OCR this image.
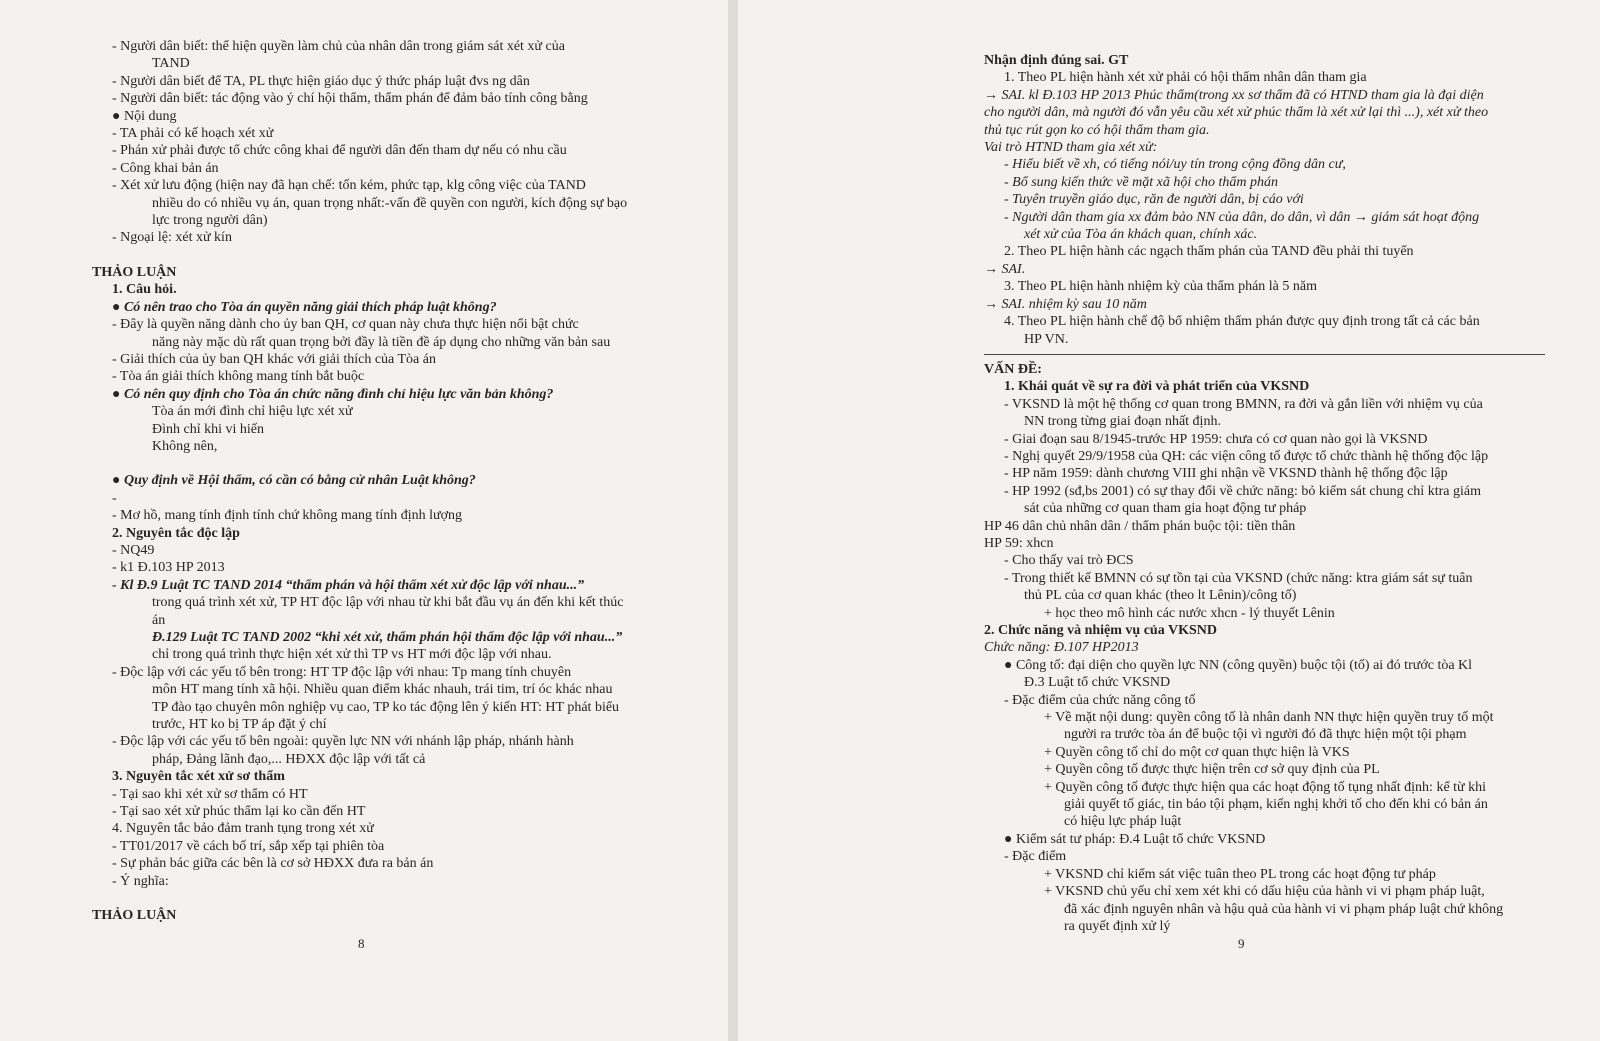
- Người dân biết: thể hiện quyền làm chủ của nhân dân trong giám sát xét xử của
TAND
- Người dân biết để TA, PL thực hiện giáo dục ý thức pháp luật đvs ng dân
- Người dân biết: tác động vào ý chí hội thẩm, thẩm phán để đảm bảo tính công bằng
● Nội dung
- TA phải có kế hoạch xét xử
- Phán xử phải được tổ chức công khai để người dân đến tham dự nếu có nhu cầu
- Công khai bản án
- Xét xử lưu động (hiện nay đã hạn chế: tốn kém, phức tạp, klg công việc của TAND
nhiều do có nhiều vụ án, quan trọng nhất:-vấn đề quyền con người, kích động sự bạo
lực trong người dân)
- Ngoại lệ: xét xử kín
THẢO LUẬN
1. Câu hỏi.
● Có nên trao cho Tòa án quyền năng giải thích pháp luật không?
- Đây là quyền năng dành cho ủy ban QH, cơ quan này chưa thực hiện nổi bật chức
năng này mặc dù rất quan trọng bởi đầy là tiền đề áp dụng cho những văn bản sau
- Giải thích của ủy ban QH khác với giải thích của Tòa án
- Tòa án giải thích không mang tính bắt buộc
● Có nên quy định cho Tòa án chức năng đình chỉ hiệu lực văn bản không?
Tòa án mới đình chỉ hiệu lực xét xử
Đình chỉ khi vi hiến
Không nên,
● Quy định về Hội thẩm, có cần có bằng cử nhân Luật không?
-
- Mơ hồ, mang tính định tính chứ không mang tính định lượng
2. Nguyên tắc độc lập
- NQ49
- k1 Đ.103 HP 2013
- Kl Đ.9 Luật TC TAND 2014 “thẩm phán và hội thẩm xét xử độc lập với nhau...”
trong quá trình xét xử, TP HT độc lập với nhau từ khi bắt đầu vụ án đến khi kết thúc
án
Đ.129 Luật TC TAND 2002 “khi xét xử, thẩm phán hội thẩm độc lập với nhau...”
chỉ trong quá trình thực hiện xét xử thì TP vs HT mới độc lập với nhau.
- Độc lập với các yếu tố bên trong: HT TP độc lập với nhau: Tp mang tính chuyên
môn HT mang tính xã hội. Nhiều quan điểm khác nhauh, trái tim, trí óc khác nhau
TP đào tạo chuyên môn nghiệp vụ cao, TP ko tác động lên ý kiến HT: HT phát biểu
trước, HT ko bị TP áp đặt ý chí
- Độc lập với các yếu tố bên ngoài: quyền lực NN với nhánh lập pháp, nhánh hành
pháp, Đảng lãnh đạo,... HĐXX độc lập với tất cả
3. Nguyên tắc xét xử sơ thẩm
- Tại sao khi xét xử sơ thẩm có HT
- Tại sao xét xử phúc thẩm lại ko cần đến HT
4. Nguyên tắc bảo đảm tranh tụng trong xét xử
- TT01/2017 về cách bố trí, sắp xếp tại phiên tòa
- Sự phản bác giữa các bên là cơ sở HĐXX đưa ra bản án
- Ý nghĩa:
THẢO LUẬN
Nhận định đúng sai. GT
1. Theo PL hiện hành xét xử phải có hội thẩm nhân dân tham gia
→ SAI. kl Đ.103 HP 2013 Phúc thẩm(trong xx sơ thẩm đã có HTND tham gia là đại diện
cho người dân, mà người đó vẫn yêu cầu xét xử phúc thẩm là xét xử lại thì ...), xét xử theo
thủ tục rút gọn ko có hội thẩm tham gia.
Vai trò HTND tham gia xét xử:
- Hiểu biết về xh, có tiếng nói/uy tín trong cộng đồng dân cư,
- Bổ sung kiến thức về mặt xã hội cho thẩm phán
- Tuyên truyền giáo dục, răn đe người dân, bị cáo với
- Người dân tham gia xx đảm bảo NN của dân, do dân, vì dân → giám sát hoạt động
xét xử của Tòa án khách quan, chính xác.
2. Theo PL hiện hành các ngạch thẩm phán của TAND đều phải thi tuyển
→ SAI.
3. Theo PL hiện hành nhiệm kỳ của thẩm phán là 5 năm
→ SAI. nhiệm kỳ sau 10 năm
4. Theo PL hiện hành chế độ bổ nhiệm thẩm phán được quy định trong tất cả các bản
HP VN.
VẤN ĐỀ:
1. Khái quát về sự ra đời và phát triển của VKSND
- VKSND là một hệ thống cơ quan trong BMNN, ra đời và gắn liền với nhiệm vụ của
NN trong từng giai đoạn nhất định.
- Giai đoạn sau 8/1945-trước HP 1959: chưa có cơ quan nào gọi là VKSND
- Nghị quyết 29/9/1958 của QH: các viện công tố được tổ chức thành hệ thống độc lập
- HP năm 1959: dành chương VIII ghi nhận về VKSND thành hệ thống độc lập
- HP 1992 (sđ,bs 2001) có sự thay đổi về chức năng: bỏ kiểm sát chung chỉ ktra giám
sát của những cơ quan tham gia hoạt động tư pháp
HP 46 dân chủ nhân dân / thẩm phán buộc tội: tiền thân
HP 59: xhcn
- Cho thấy vai trò ĐCS
- Trong thiết kế BMNN có sự tồn tại của VKSND (chức năng: ktra giám sát sự tuân
thủ PL của cơ quan khác (theo lt Lênin)/công tố)
+ học theo mô hình các nước xhcn - lý thuyết Lênin
2. Chức năng và nhiệm vụ của VKSND
Chức năng: Đ.107 HP2013
● Công tố: đại diện cho quyền lực NN (công quyền) buộc tội (tố) ai đó trước tòa Kl
Đ.3 Luật tổ chức VKSND
- Đặc điểm của chức năng công tố
+ Về mặt nội dung: quyền công tố là nhân danh NN thực hiện quyền truy tố một
người ra trước tòa án để buộc tội vì người đó đã thực hiện một tội phạm
+ Quyền công tố chỉ do một cơ quan thực hiện là VKS
+ Quyền công tố được thực hiện trên cơ sở quy định của PL
+ Quyền công tố được thực hiện qua các hoạt động tố tụng nhất định: kể từ khi
giải quyết tố giác, tin báo tội phạm, kiến nghị khởi tố cho đến khi có bản án
có hiệu lực pháp luật
● Kiểm sát tư pháp: Đ.4 Luật tổ chức VKSND
- Đặc điểm
+ VKSND chỉ kiểm sát việc tuân theo PL trong các hoạt động tư pháp
+ VKSND chủ yếu chỉ xem xét khi có dấu hiệu của hành vi vi phạm pháp luật,
đã xác định nguyên nhân và hậu quả của hành vi vi phạm pháp luật chứ không
ra quyết định xử lý
8	9
